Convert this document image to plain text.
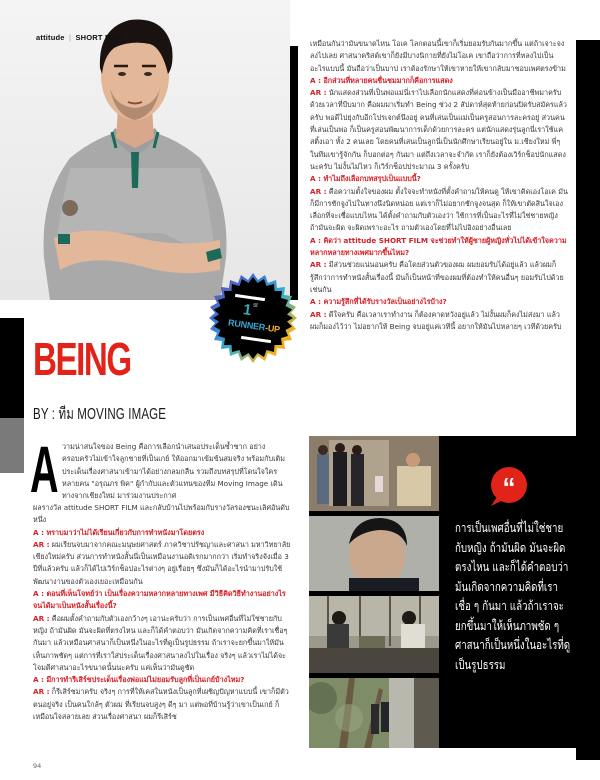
attitude | SHORT FILM

เหมือนกันว่ามันขนาดไหน โอเค โลกตอนนี้เขาก็เริ่มยอมรับกันมากขึ้น แต่ถ้าเจาะจงลงไปเลย ศาสนาคริสต์เขาก็ยังมีบางนิกายที่ยังไม่โอเค เขาถือว่าการที่หลงไปเป็นอะไรแบบนี้ มันถือว่าเป็นบาป เราต้องรักษาให้เขาหายให้เขากลับมาชอบเพศตรงข้าม

A : อีกส่วนที่หลายคนชื่นชมมากก็คือการแสดง

AR : นักแสดงส่วนที่เป็นพ่อแม่นี่เราไปเลือกนักแสดงที่ค่อนข้างเป็นมืออาชีพมาครับ ด้วยเวลาที่บีบมาก คือผมมาเริ่มทำ Being ช่วง 2 สัปดาห์สุดท้ายก่อนปิดรับสมัครแล้วครับ พอดีไปยุ่งกับอีกโปรเจกต์นึงอยู่ คนที่เล่นเป็นแม่เป็นครูสอนการละครอยู่ ส่วนคนที่เล่นเป็นพ่อ ก็เป็นครูสอนพัฒนาการเด็กด้วยการละคร แต่นักแสดงรุ่นลูกนี่เราใช้แคสติ้งเอา ทั้ง 2 คนเลย โดยคนที่เล่นเป็นลูกนี่เป็นนักศึกษาเรียนอยู่ใน ม.เชียงใหม่ พี่ๆ ในทีมเขารู้จักกัน ก็บอกต่อๆ กันมา แต่ถึงเวลาจะจำกัด เราก็ยังต้องเวิร์กช็อปนักแสดงนะครับ ไม่งั้นไม่ไหว ก็เวิร์กช็อปประมาณ 3 ครั้งครับ

A : ทำไมถึงเลือกบทสรุปเป็นแบบนี้?

AR : คือความตั้งใจของผม ตั้งใจจะทำหนังที่ตั้งคำถามให้คนดู ให้เขาคิดเองโอเค มันก็มีการชักจูงไปในทางนึงนิดหน่อย แต่เราก็ไม่อยากชักจูงจนสุด ก็ให้เขาตัดสินใจเอง เลือกที่จะเชื่อแบบไหน ได้ตั้งคำถามกับตัวเองว่า ใช้การที่เป็นอะไรที่ไม่ใช่ชายหญิง ถ้ามันจะผิด จะผิดเพราะอะไร ถามตัวเองโดยที่ไม่ไปอิงอย่างอื่นเลย

A : คิดว่า attitude SHORT FILM จะช่วยทำให้ผู้ชายผู้หญิงทั่วไปได้เข้าใจความหลากหลายทางเพศมากขึ้นไหม?

AR : มีส่วนช่วยแน่นอนครับ คือโดยส่วนตัวของผม ผมยอมรับได้อยู่แล้ว แล้วผมก็รู้สึกว่าการทำหนังสั้นเรื่องนี้ มันก็เป็นหน้าที่ของผมที่ต้องทำให้คนอื่นๆ ยอมรับไปด้วยเช่นกัน

A : ความรู้สึกที่ได้รับรางวัลเป็นอย่างไรบ้าง?

AR : ดีใจครับ คือเวลาเราทำงาน ก็ต้องคาดหวังอยู่แล้ว ไม่งั้นผมก็คงไม่ส่งมา แล้วผมก็มองไว้ว่า ไม่อยากให้ Being จบอยู่แค่เวทีนี้ อยากให้มันไปหลายๆ เวทีด้วยครับ

1st
RUNNER-UP
BEING
BY : ทีม MOVING IMAGE
A วามน่าสนใจของ Being คือการเลือกนำเสนอประเด็นซ้ำซาก อย่างครอบครัวไม่เข้าใจลูกชายที่เป็นเกย์ ให้ออกมาเข้มข้นสมจริง พร้อมกับเติมประเด็นเรื่องศาสนาเข้ามาได้อย่างกลมกลืน รวมถึงบทสรุปที่โดนใจใครหลายคน "อรุณภร พิค" ผู้กำกับและตัวแทนของทีม Moving Image เดินทางจากเชียงใหม่ มาร่วมงานประกาศ

ผลรางวัล attitude SHORT FILM และกลับบ้านไปพร้อมกับรางวัลรองชนะเลิศอันดับหนึ่ง

A : ทราบมาว่าไม่ได้เรียนเกี่ยวกับการทำหนังมาโดยตรง

AR : ผมเรียนจบมาจากคณะมนุษยศาสตร์ ภาควิชาปรัชญาและศาสนา มหาวิทยาลัยเชียงใหม่ครับ ส่วนการทำหนังสั้นนี่เป็นเหมือนงานอดิเรกมากกว่า เริ่มทำจริงจังเมื่อ 3 ปีที่แล้วครับ แล้วก็ได้ไปเวิร์กช็อปอะไรต่างๆ อยู่เรื่อยๆ ซึ่งมันก็ได้อะไรนำมาปรับใช้พัฒนางานของตัวเองเยอะเหมือนกัน

A : ตอนที่เห็นโจทย์ว่า เป็นเรื่องความหลากหลายทางเพศ มีวิธีคิดวิธีทำงานอย่างไรจนได้มาเป็นหนังสั้นเรื่องนี้?

AR : คือผมตั้งคำถามกับตัวเองกว้างๆ เอาน่ะครับว่า การเป็นเพศอื่นที่ไม่ใช่ชายกับหญิง ถ้ามันผิด มันจะผิดที่ตรงไหน และก็ได้คำตอบว่า มันเกิดจากความคิดที่เราเชื่อๆ กันมา แล้วเหมือนศาสนาก็เป็นหนึ่งในอะไรที่ดูเป็นรูปธรรม ถ้าเราจะยกขึ้นมาให้มันเห็นภาพชัดๆ แต่การที่เราใส่ประเด็นเรื่องศาสนาลงไปในเรื่อง จริงๆ แล้วเราไม่ได้จะโจมตีศาสนาอะไรขนาดนั้นนะครับ แค่เห็นว่ามันดูชัด

A : มีการทำรีเสิร์ชประเด็นเรื่องพ่อแม่ไม่ยอมรับลูกที่เป็นเกย์บ้างไหม?

AR : ก็รีเสิร์ชมาครับ จริงๆ การที่ให้เคสในหนังเป็นลูกที่เผชิญปัญหาแบบนี้ เขาก็มีตัวตนอยู่จริง เป็นคนใกล้ๆ ตัวผม ที่เรียนจบสูงๆ ดีๆ มา แต่พอที่บ้านรู้ว่าเขาเป็นเกย์ ก็เหมือนใจสลายเลย ส่วนเรื่องศาสนา ผมก็รีเสิร์ช

94
“
การเป็นเพศอื่นที่ไม่ใช่ชายกับหญิง ถ้ามันผิด มันจะผิดตรงไหน และก็ได้คำตอบว่า มันเกิดจากความคิดที่เราเชื่อ ๆ กันมา แล้วถ้าเราจะยกขึ้นมาให้เห็นภาพชัด ๆ ศาสนาก็เป็นหนึ่งในอะไรที่ดูเป็นรูปธรรม
